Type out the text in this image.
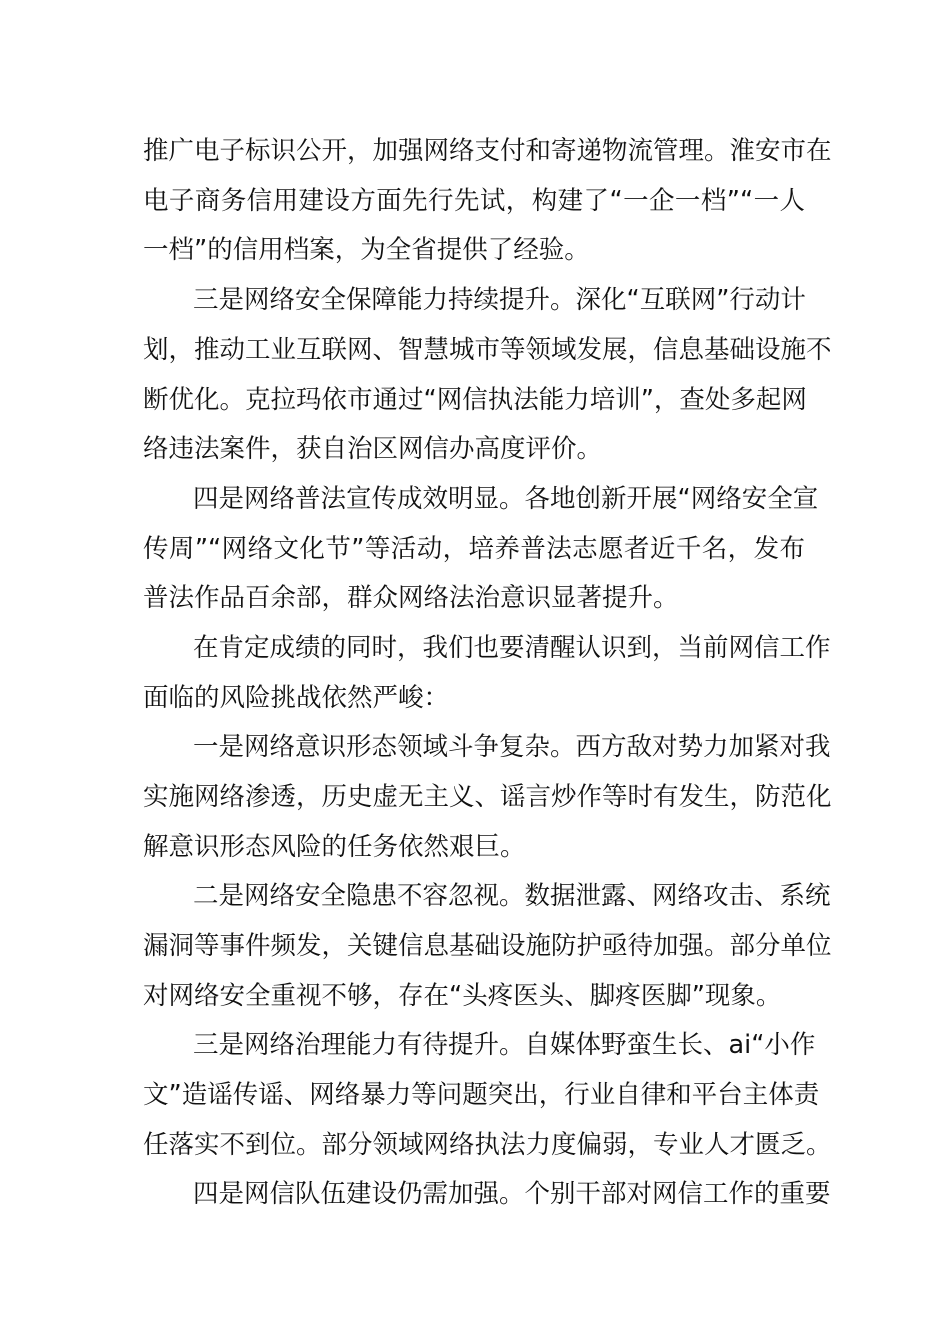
推广电子标识公开，加强网络支付和寄递物流管理。淮安市在
电子商务信用建设方面先行先试，构建了“一企一档”“一人
一档”的信用档案，为全省提供了经验。
三是网络安全保障能力持续提升。深化“互联网”行动计
划，推动工业互联网、智慧城市等领域发展，信息基础设施不
断优化。克拉玛依市通过“网信执法能力培训”，查处多起网
络违法案件，获自治区网信办高度评价。
四是网络普法宣传成效明显。各地创新开展“网络安全宣
传周”“网络文化节”等活动，培养普法志愿者近千名，发布
普法作品百余部，群众网络法治意识显著提升。
在肯定成绩的同时，我们也要清醒认识到，当前网信工作
面临的风险挑战依然严峻：
一是网络意识形态领域斗争复杂。西方敌对势力加紧对我
实施网络渗透，历史虚无主义、谣言炒作等时有发生，防范化
解意识形态风险的任务依然艰巨。
二是网络安全隐患不容忽视。数据泄露、网络攻击、系统
漏洞等事件频发，关键信息基础设施防护亟待加强。部分单位
对网络安全重视不够，存在“头疼医头、脚疼医脚”现象。
三是网络治理能力有待提升。自媒体野蛮生长、ai“小作
文”造谣传谣、网络暴力等问题突出，行业自律和平台主体责
任落实不到位。部分领域网络执法力度偏弱，专业人才匮乏。
四是网信队伍建设仍需加强。个别干部对网信工作的重要
